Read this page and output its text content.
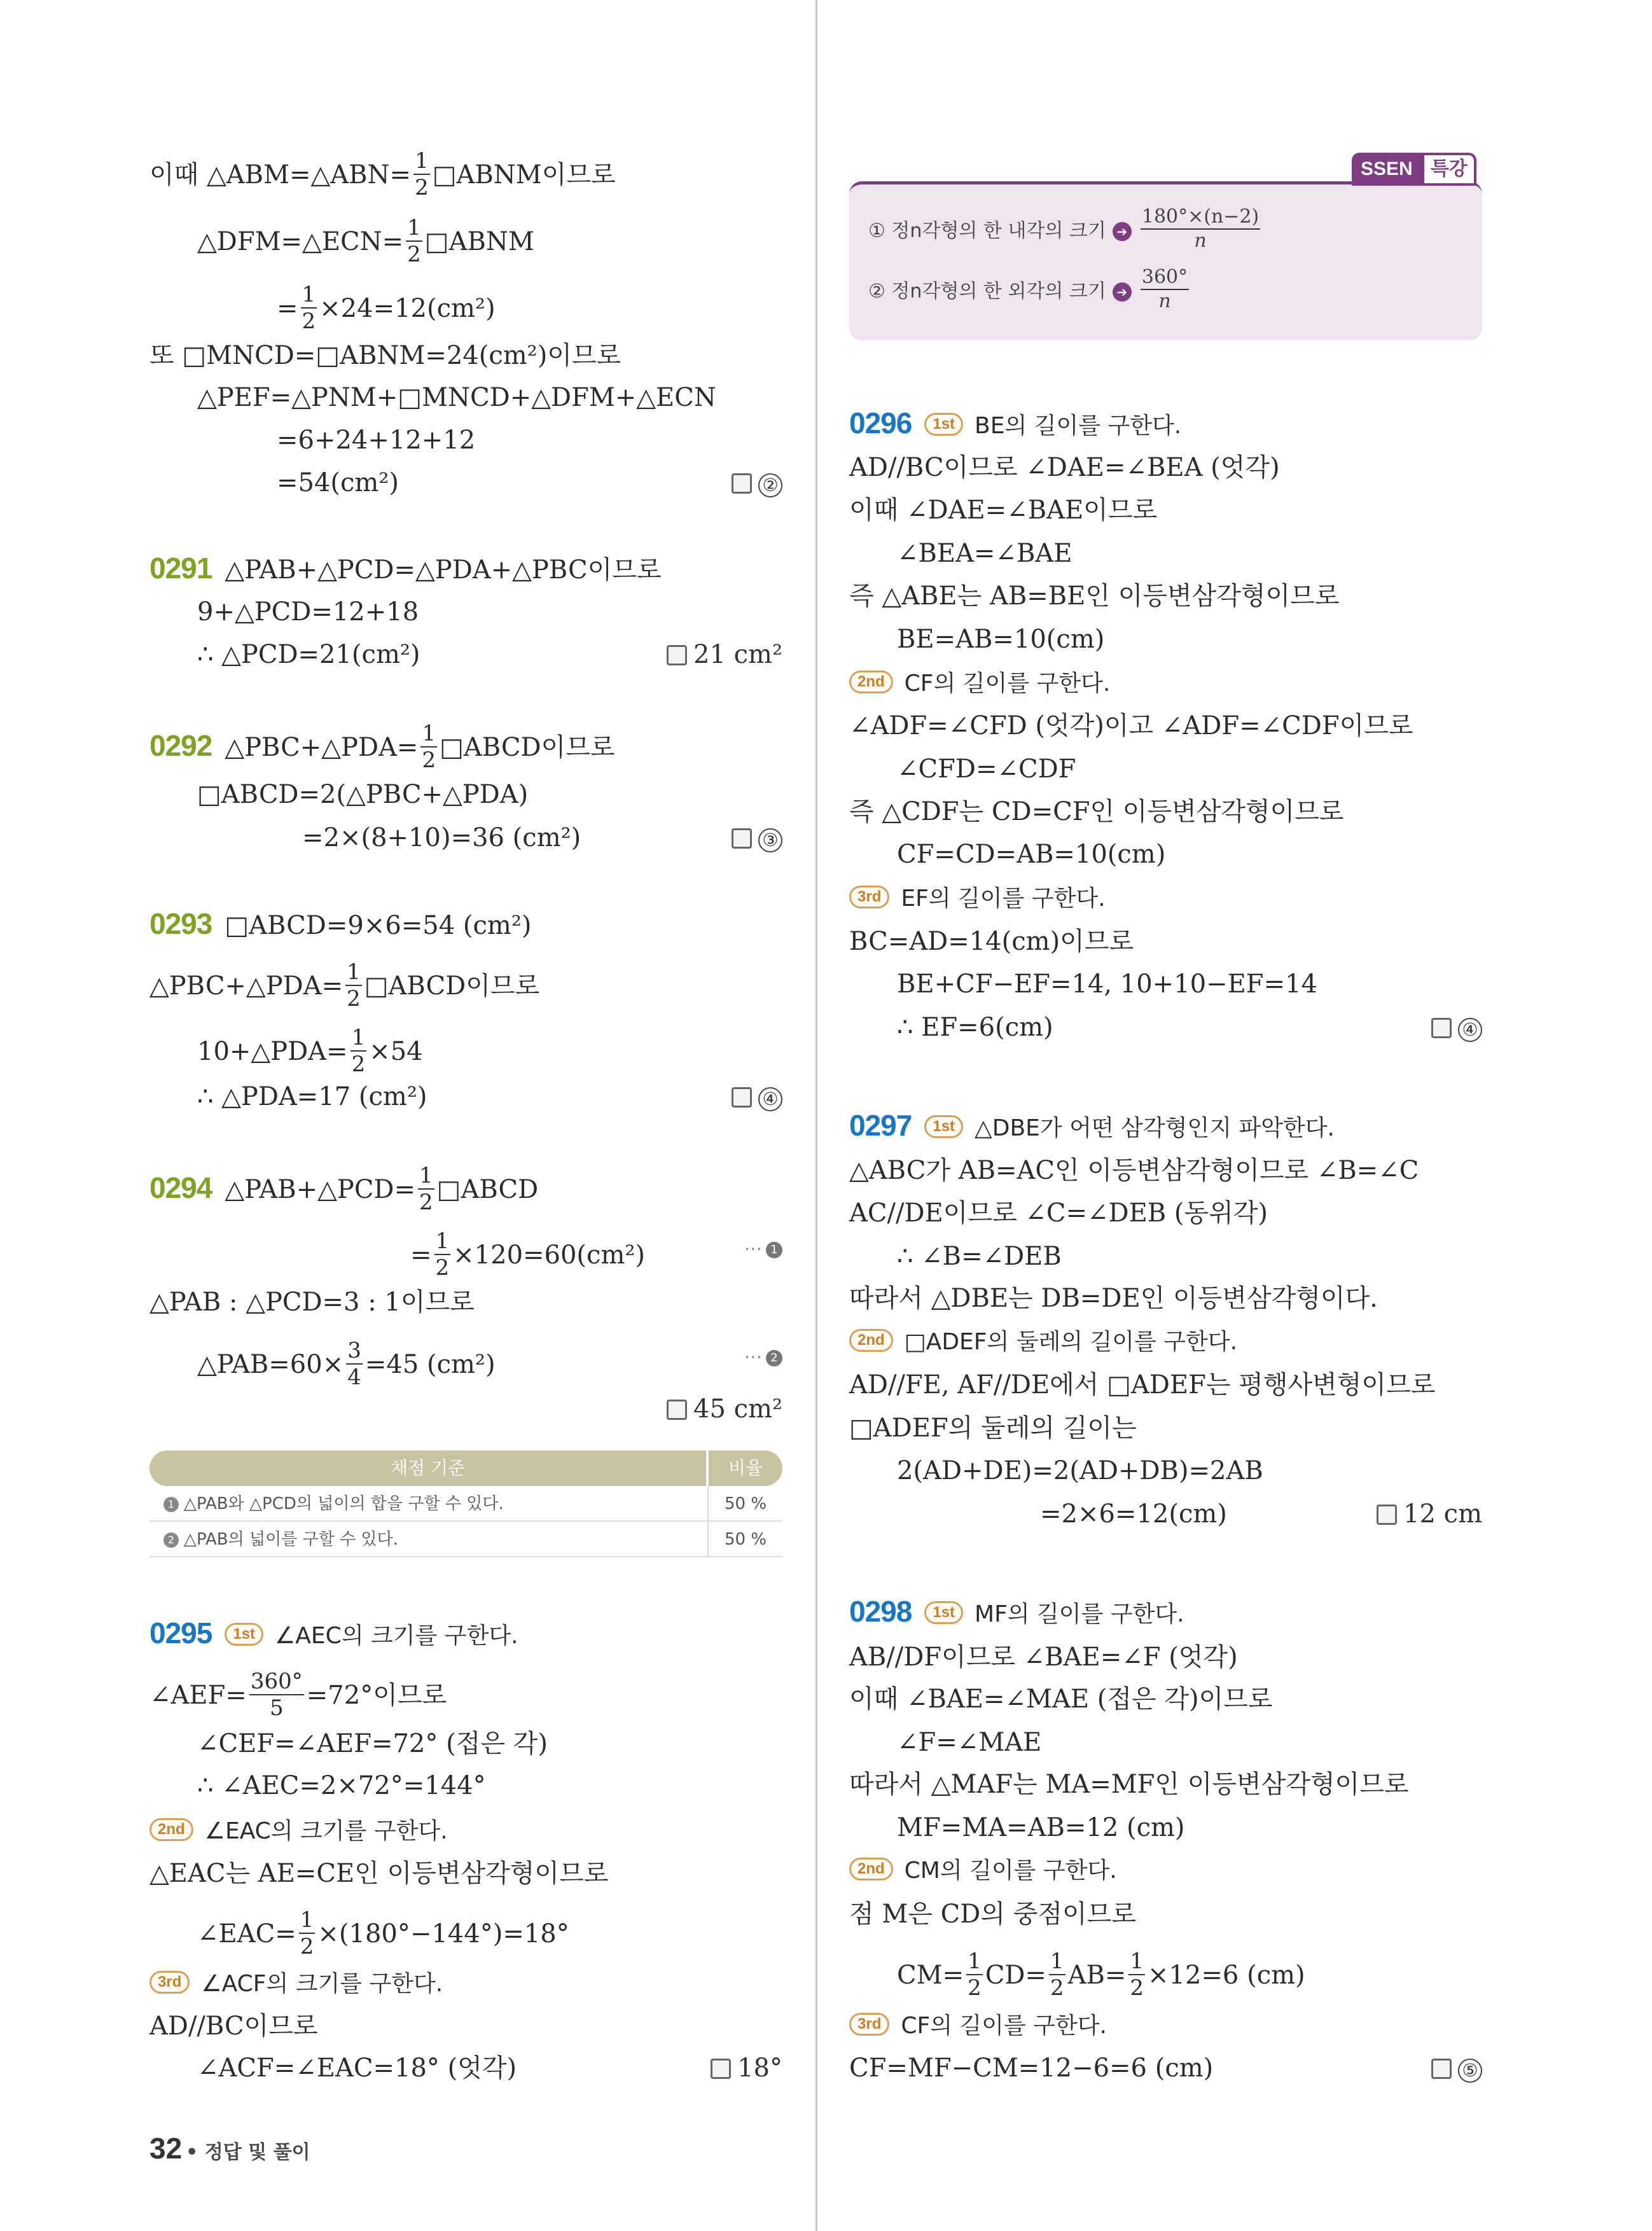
이때 △ABM=△ABN= $\frac{1}{2}$ □ABNM이므로
△DFM=△ECN= $\frac{1}{2}$ □ABNM
= $\frac{1}{2} \times 24=12(cm^2)$
또 □MNCD=□ABNM=24(cm²)이므로
△PEF=△PNM+□MNCD+△DFM+△ECN
=6+24+12+12
=54(cm²)	②
0291 △PAB+△PCD=△PDA+△PBC이므로
9+△PCD=12+18
∴ △PCD=21(cm²)	21 cm²
0292 △PBC+△PDA= $\frac{1}{2}$ □ABCD이므로
□ABCD=2(△PBC+△PDA)
=2×(8+10)=36 (cm²)	③
0293 □ABCD=9×6=54 (cm²)
△PBC+△PDA= $\frac{1}{2}$ □ABCD이므로
10+△PDA= $\frac{1}{2} \times 54$
∴ △PDA=17 (cm²)	④
0294 △PAB+△PCD= $\frac{1}{2}$ □ABCD
= $\frac{1}{2} \times 120=60(cm^2)$	⋯ 1
△PAB : △PCD=3 : 1이므로
△PAB=60× $\frac{3}{4} =45$ (cm²)	⋯ 2
45 cm²
채점 기준	비율
1 △PAB와 △PCD의 넓이의 합을 구할 수 있다.	50 %
2 △PAB의 넓이를 구할 수 있다.	50 %
0295 1st ∠AEC의 크기를 구한다.
∠AEF= $\frac{360^\circ}{5} =72^\circ$이므로
∠CEF=∠AEF=72° (접은 각)
∴ ∠AEC=2×72°=144°
2nd ∠EAC의 크기를 구한다.
△EAC는 AE=CE인 이등변삼각형이므로
∠EAC= $\frac{1}{2} \times(180^\circ-144^\circ)=18^\circ$
3rd ∠ACF의 크기를 구한다.
AD//BC이므로
∠ACF=∠EAC=18° (엇각)	18°
SSEN 특강
① 정n각형의 한 내각의 크기 ➔ $\frac{180^\circ\times(n-2)}{n}$
② 정n각형의 한 외각의 크기 ➔ $\frac{360^\circ}{n}$
0296 1st BE의 길이를 구한다.
AD//BC이므로 ∠DAE=∠BEA (엇각)
이때 ∠DAE=∠BAE이므로
∠BEA=∠BAE
즉 △ABE는 AB=BE인 이등변삼각형이므로
BE=AB=10(cm)
2nd CF의 길이를 구한다.
∠ADF=∠CFD (엇각)이고 ∠ADF=∠CDF이므로
∠CFD=∠CDF
즉 △CDF는 CD=CF인 이등변삼각형이므로
CF=CD=AB=10(cm)
3rd EF의 길이를 구한다.
BC=AD=14(cm)이므로
BE+CF−EF=14, 10+10−EF=14
∴ EF=6(cm)	④
0297 1st △DBE가 어떤 삼각형인지 파악한다.
△ABC가 AB=AC인 이등변삼각형이므로 ∠B=∠C
AC//DE이므로 ∠C=∠DEB (동위각)
∴ ∠B=∠DEB
따라서 △DBE는 DB=DE인 이등변삼각형이다.
2nd □ADEF의 둘레의 길이를 구한다.
AD//FE, AF//DE에서 □ADEF는 평행사변형이므로
□ADEF의 둘레의 길이는
2(AD+DE)=2(AD+DB)=2AB
=2×6=12(cm)	12 cm
0298 1st MF의 길이를 구한다.
AB//DF이므로 ∠BAE=∠F (엇각)
이때 ∠BAE=∠MAE (접은 각)이므로
∠F=∠MAE
따라서 △MAF는 MA=MF인 이등변삼각형이므로
MF=MA=AB=12 (cm)
2nd CM의 길이를 구한다.
점 M은 CD의 중점이므로
$CM= \frac{1}{2} CD= \frac{1}{2} AB= \frac{1}{2} \times 12=6$ (cm)
3rd CF의 길이를 구한다.
CF=MF−CM=12−6=6 (cm)	⑤
32 • 정답 및 풀이
